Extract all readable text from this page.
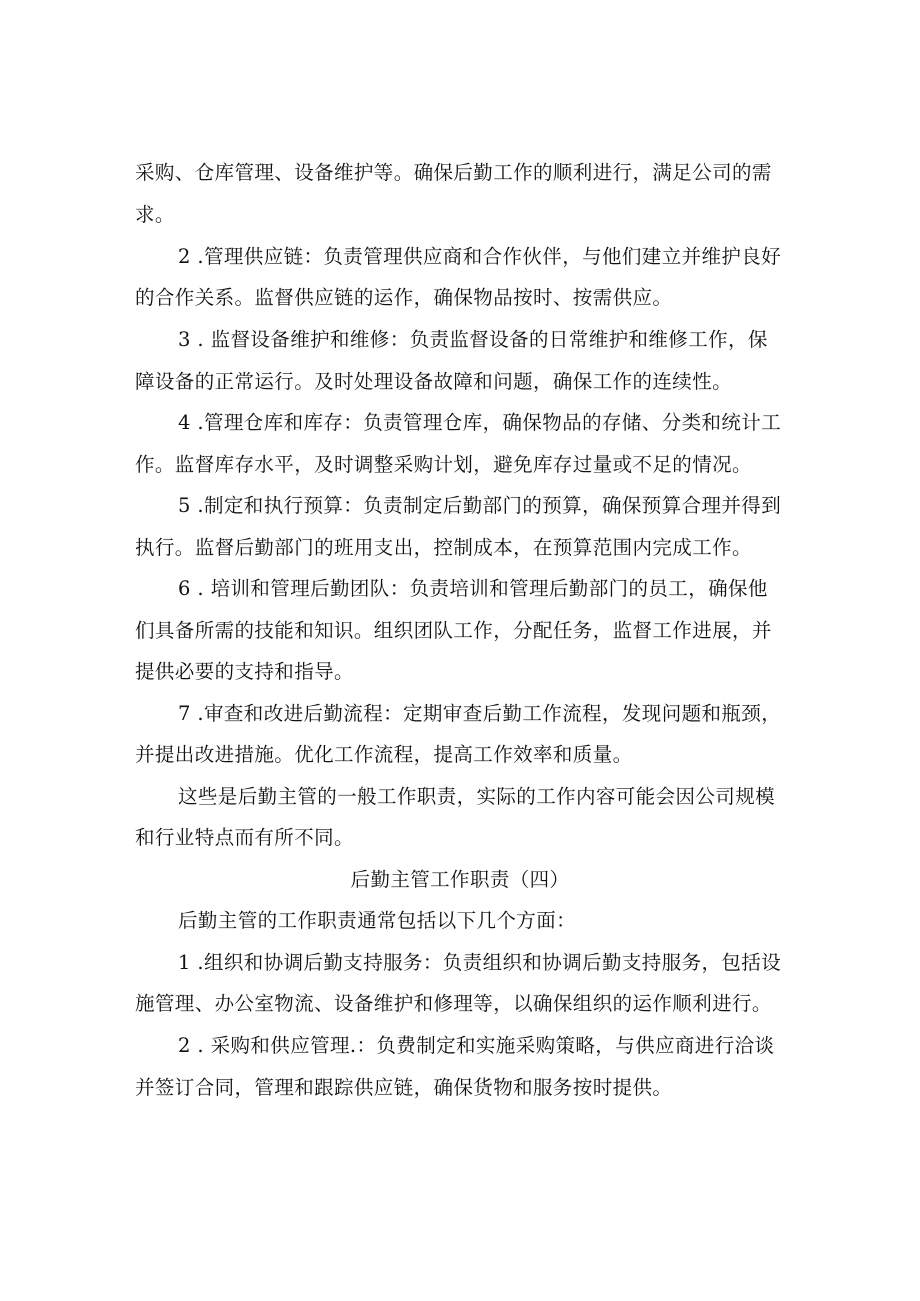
采购、仓库管理、设备维护等。确保后勤工作的顺利进行，满足公司的需
求。
2 .管理供应链：负责管理供应商和合作伙伴，与他们建立并维护良好
的合作关系。监督供应链的运作，确保物品按时、按需供应。
3 . 监督设备维护和维修：负责监督设备的日常维护和维修工作，保
障设备的正常运行。及时处理设备故障和问题，确保工作的连续性。
4 .管理仓库和库存：负责管理仓库，确保物品的存储、分类和统计工
作。监督库存水平，及时调整采购计划，避免库存过量或不足的情况。
5 .制定和执行预算：负责制定后勤部门的预算，确保预算合理并得到
执行。监督后勤部门的班用支出，控制成本，在预算范围内完成工作。
6 . 培训和管理后勤团队：负责培训和管理后勤部门的员工，确保他
们具备所需的技能和知识。组织团队工作，分配任务，监督工作进展，并
提供必要的支持和指导。
7 .审查和改进后勤流程：定期审查后勤工作流程，发现问题和瓶颈，
并提出改进措施。优化工作流程，提高工作效率和质量。
这些是后勤主管的一般工作职责，实际的工作内容可能会因公司规模
和行业特点而有所不同。
后勤主管工作职责（四）
后勤主管的工作职责通常包括以下几个方面：
1 .组织和协调后勤支持服务：负责组织和协调后勤支持服务，包括设
施管理、办公室物流、设备维护和修理等，以确保组织的运作顺利进行。
2 . 采购和供应管理.：负费制定和实施采购策略，与供应商进行洽谈
并签订合同，管理和跟踪供应链，确保货物和服务按时提供。
